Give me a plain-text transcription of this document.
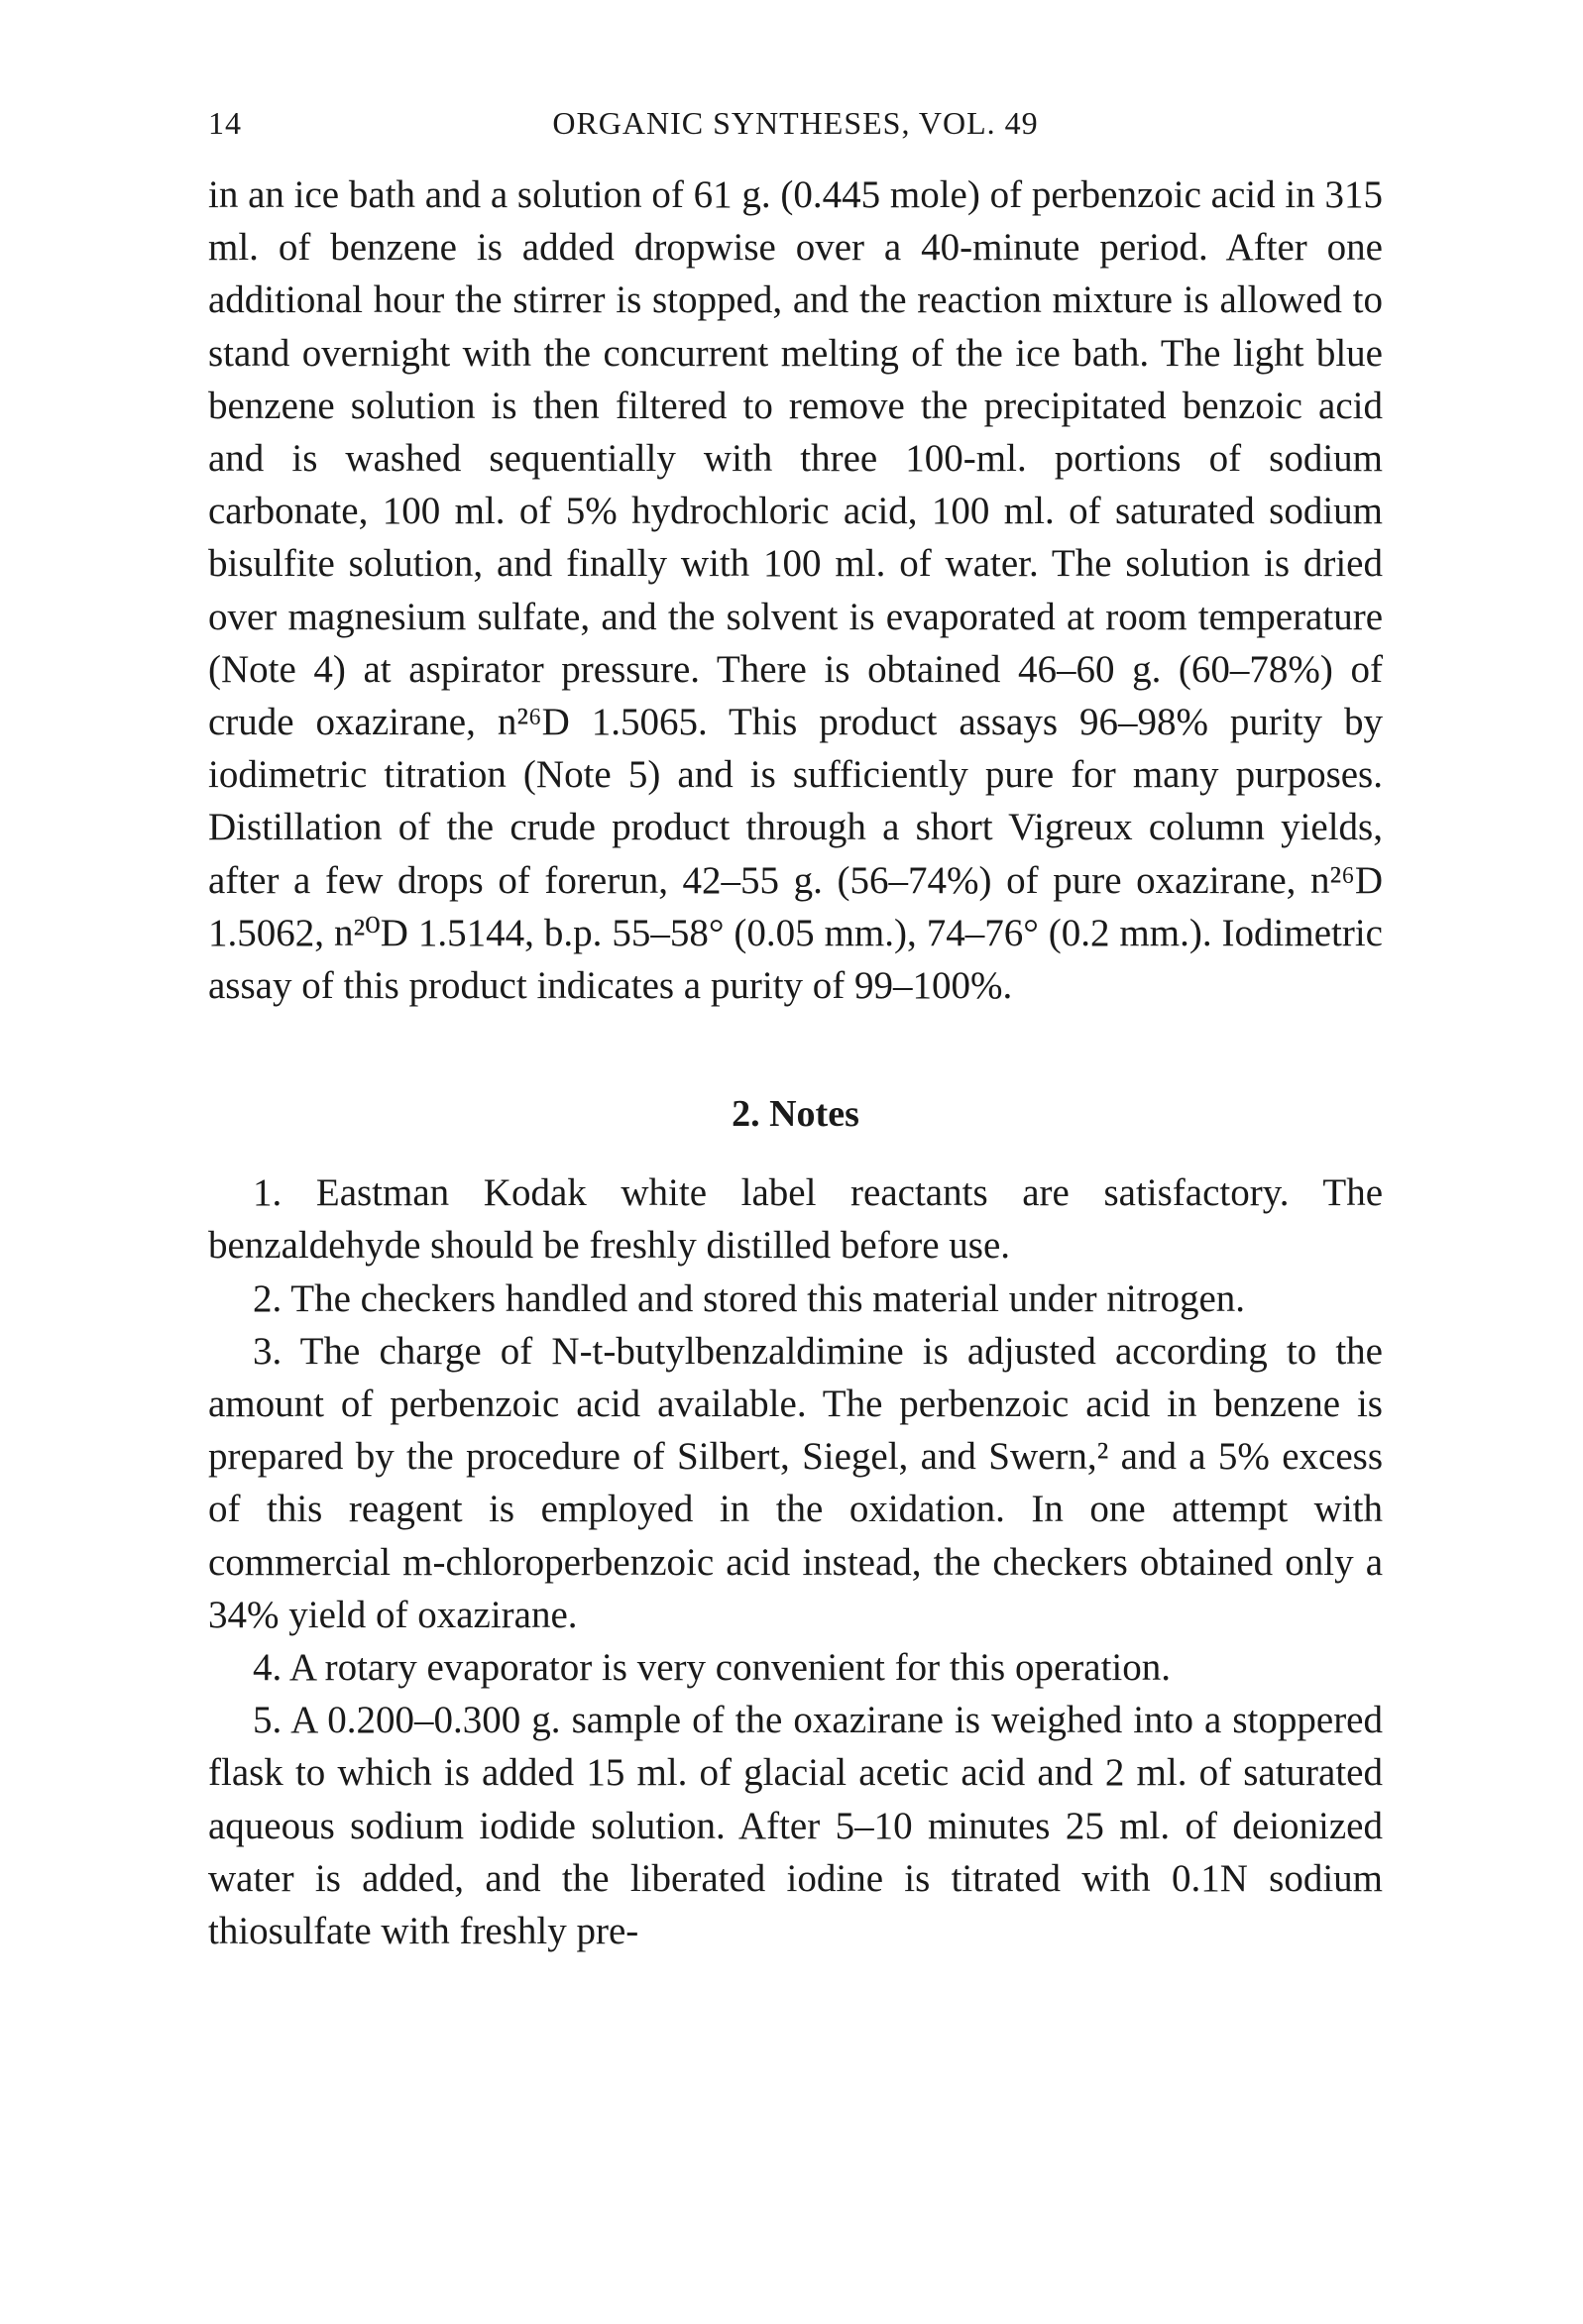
14	ORGANIC SYNTHESES, VOL. 49

in an ice bath and a solution of 61 g. (0.445 mole) of perbenzoic acid in 315 ml. of benzene is added dropwise over a 40-minute period. After one additional hour the stirrer is stopped, and the reaction mixture is allowed to stand overnight with the concurrent melting of the ice bath. The light blue benzene solution is then filtered to remove the precipitated benzoic acid and is washed sequentially with three 100-ml. portions of sodium carbonate, 100 ml. of 5% hydrochloric acid, 100 ml. of saturated sodium bisulfite solution, and finally with 100 ml. of water. The solution is dried over magnesium sulfate, and the solvent is evaporated at room temperature (Note 4) at aspirator pressure. There is obtained 46–60 g. (60–78%) of crude oxazirane, n²⁶D 1.5065. This product assays 96–98% purity by iodimetric titration (Note 5) and is sufficiently pure for many purposes. Distillation of the crude product through a short Vigreux column yields, after a few drops of forerun, 42–55 g. (56–74%) of pure oxazirane, n²⁶D 1.5062, n²⁰D 1.5144, b.p. 55–58° (0.05 mm.), 74–76° (0.2 mm.). Iodimetric assay of this product indicates a purity of 99–100%.

2. Notes

1. Eastman Kodak white label reactants are satisfactory. The benzaldehyde should be freshly distilled before use.

2. The checkers handled and stored this material under nitrogen.

3. The charge of N-t-butylbenzaldimine is adjusted according to the amount of perbenzoic acid available. The perbenzoic acid in benzene is prepared by the procedure of Silbert, Siegel, and Swern,² and a 5% excess of this reagent is employed in the oxidation. In one attempt with commercial m-chloroperbenzoic acid instead, the checkers obtained only a 34% yield of oxazirane.

4. A rotary evaporator is very convenient for this operation.

5. A 0.200–0.300 g. sample of the oxazirane is weighed into a stoppered flask to which is added 15 ml. of glacial acetic acid and 2 ml. of saturated aqueous sodium iodide solution. After 5–10 minutes 25 ml. of deionized water is added, and the liberated iodine is titrated with 0.1N sodium thiosulfate with freshly pre-
